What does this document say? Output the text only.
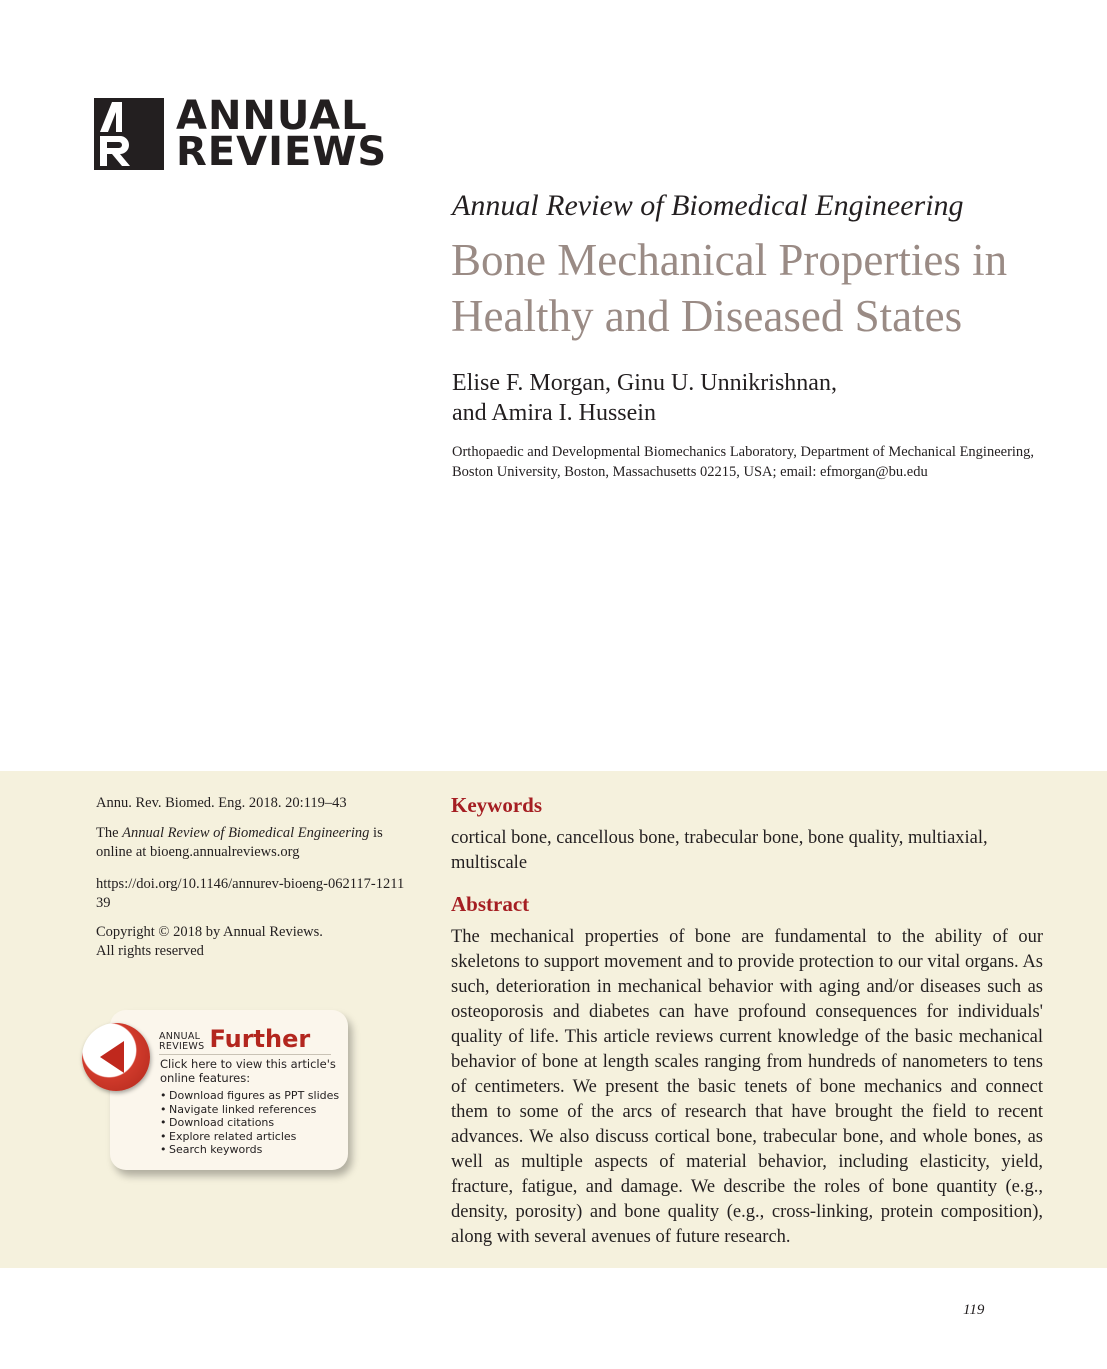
ANNUAL
REVIEWS
Annual Review of Biomedical Engineering
Bone Mechanical Properties in
Healthy and Diseased States
Elise F. Morgan, Ginu U. Unnikrishnan,
and Amira I. Hussein
Orthopaedic and Developmental Biomechanics Laboratory, Department of Mechanical Engineering, Boston University, Boston, Massachusetts 02215, USA; email: efmorgan@bu.edu
Annu. Rev. Biomed. Eng. 2018. 20:119–43
The Annual Review of Biomedical Engineering is online at bioeng.annualreviews.org
https://doi.org/10.1146/annurev-bioeng-062117-121139
Copyright © 2018 by Annual Reviews.
All rights reserved
ANNUAL
REVIEWS Further
Click here to view this article's online features:
• Download figures as PPT slides
• Navigate linked references
• Download citations
• Explore related articles
• Search keywords
Keywords
cortical bone, cancellous bone, trabecular bone, bone quality, multiaxial, multiscale
Abstract
The mechanical properties of bone are fundamental to the ability of our skeletons to support movement and to provide protection to our vital organs. As such, deterioration in mechanical behavior with aging and/or diseases such as osteoporosis and diabetes can have profound consequences for individuals' quality of life. This article reviews current knowledge of the basic mechanical behavior of bone at length scales ranging from hundreds of nanometers to tens of centimeters. We present the basic tenets of bone mechanics and connect them to some of the arcs of research that have brought the field to recent advances. We also discuss cortical bone, trabecular bone, and whole bones, as well as multiple aspects of material behavior, including elasticity, yield, fracture, fatigue, and damage. We describe the roles of bone quantity (e.g., density, porosity) and bone quality (e.g., cross-linking, protein composition), along with several avenues of future research.
119
